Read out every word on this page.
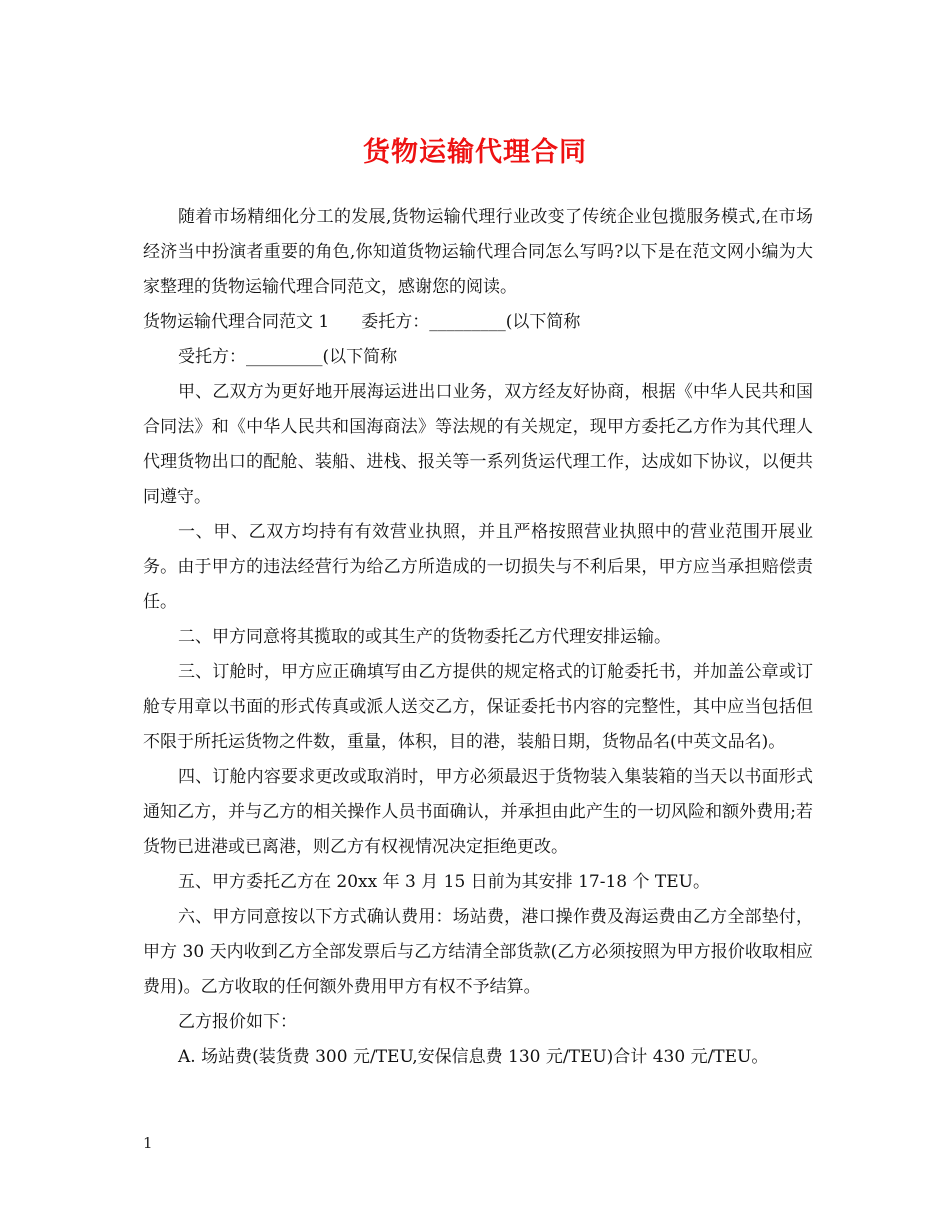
货物运输代理合同

随着市场精细化分工的发展,货物运输代理行业改变了传统企业包揽服务模式,在市场经济当中扮演者重要的角色,你知道货物运输代理合同怎么写吗?以下是在范文网小编为大家整理的货物运输代理合同范文，感谢您的阅读。

货物运输代理合同范文 1 委托方：_________(以下简称

受托方：_________(以下简称

甲、乙双方为更好地开展海运进出口业务，双方经友好协商，根据《中华人民共和国合同法》和《中华人民共和国海商法》等法规的有关规定，现甲方委托乙方作为其代理人代理货物出口的配舱、装船、进栈、报关等一系列货运代理工作，达成如下协议，以便共同遵守。

一、甲、乙双方均持有有效营业执照，并且严格按照营业执照中的营业范围开展业务。由于甲方的违法经营行为给乙方所造成的一切损失与不利后果，甲方应当承担赔偿责任。

二、甲方同意将其揽取的或其生产的货物委托乙方代理安排运输。

三、订舱时，甲方应正确填写由乙方提供的规定格式的订舱委托书，并加盖公章或订舱专用章以书面的形式传真或派人送交乙方，保证委托书内容的完整性，其中应当包括但不限于所托运货物之件数，重量，体积，目的港，装船日期，货物品名(中英文品名)。

四、订舱内容要求更改或取消时，甲方必须最迟于货物装入集装箱的当天以书面形式通知乙方，并与乙方的相关操作人员书面确认，并承担由此产生的一切风险和额外费用;若货物已进港或已离港，则乙方有权视情况决定拒绝更改。

五、甲方委托乙方在 20xx 年 3 月 15 日前为其安排 17-18 个 TEU。

六、甲方同意按以下方式确认费用：场站费，港口操作费及海运费由乙方全部垫付，甲方 30 天内收到乙方全部发票后与乙方结清全部货款(乙方必须按照为甲方报价收取相应费用)。乙方收取的任何额外费用甲方有权不予结算。

乙方报价如下：

A. 场站费(装货费 300 元/TEU,安保信息费 130 元/TEU)合计 430 元/TEU。

1
